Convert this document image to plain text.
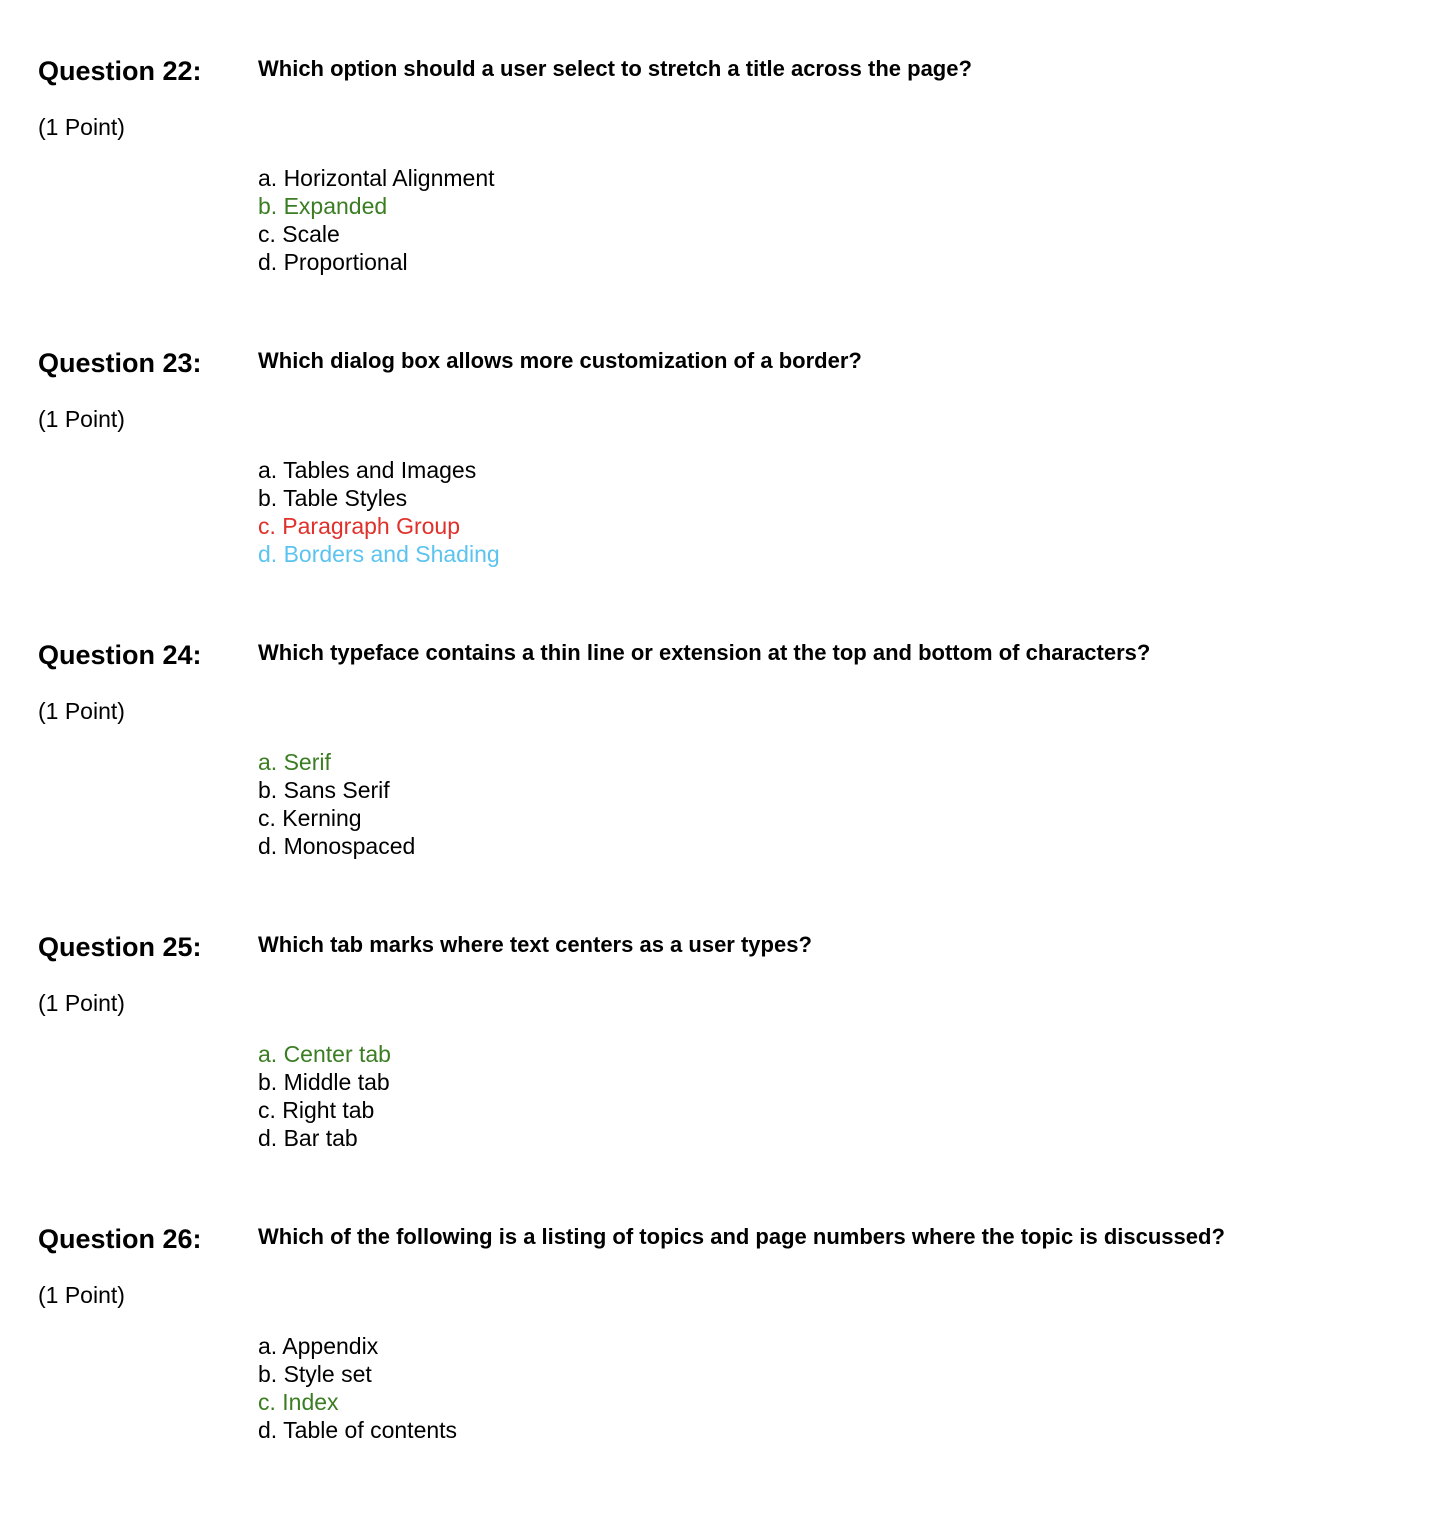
Question 22:	Which option should a user select to stretch a title across the page?
(1 Point)
a. Horizontal Alignment
b. Expanded
c. Scale
d. Proportional
Question 23:	Which dialog box allows more customization of a border?
(1 Point)
a. Tables and Images
b. Table Styles
c. Paragraph Group
d. Borders and Shading
Question 24:	Which typeface contains a thin line or extension at the top and bottom of characters?
(1 Point)
a. Serif
b. Sans Serif
c. Kerning
d. Monospaced
Question 25:	Which tab marks where text centers as a user types?
(1 Point)
a. Center tab
b. Middle tab
c. Right tab
d. Bar tab
Question 26:	Which of the following is a listing of topics and page numbers where the topic is discussed?
(1 Point)
a. Appendix
b. Style set
c. Index
d. Table of contents
